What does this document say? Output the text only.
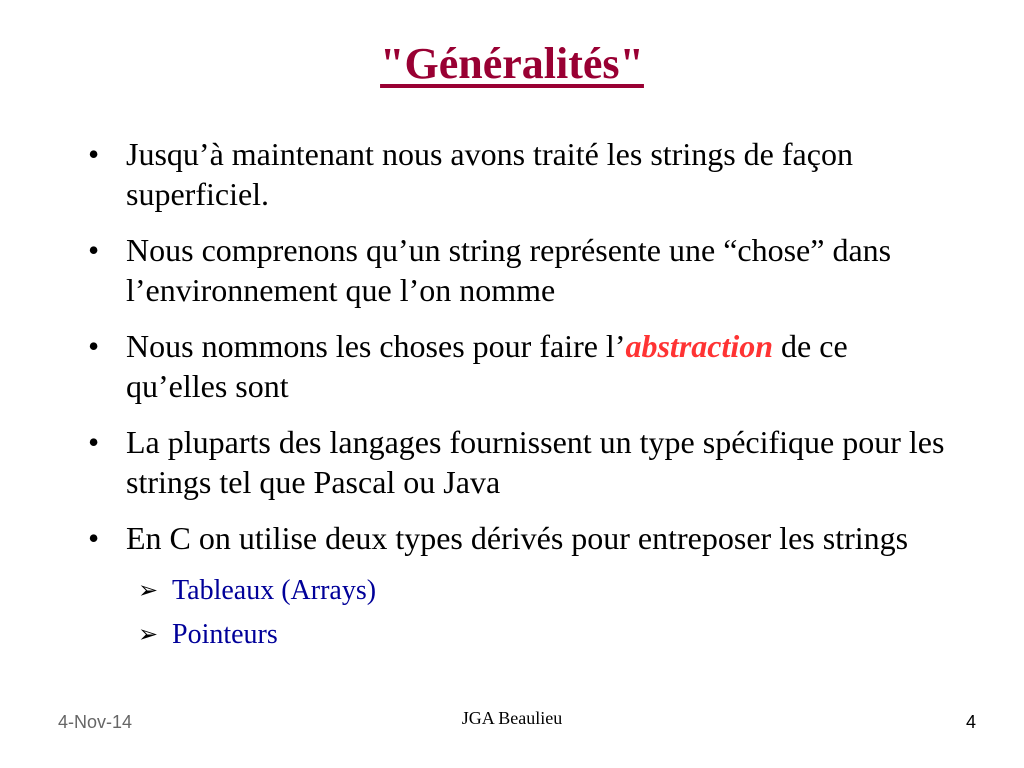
"Généralités"
• Jusqu’à maintenant nous avons traité les strings de façon superficiel.
• Nous comprenons qu’un string représente une “chose” dans l’environnement que l’on nomme
• Nous nommons les choses pour faire l’abstraction de ce qu’elles sont
• La pluparts des langages fournissent un type spécifique pour les strings tel que Pascal ou Java
• En C on utilise deux types dérivés pour entreposer les strings
➢ Tableaux (Arrays)
➢ Pointeurs
4-Nov-14	JGA Beaulieu	4
